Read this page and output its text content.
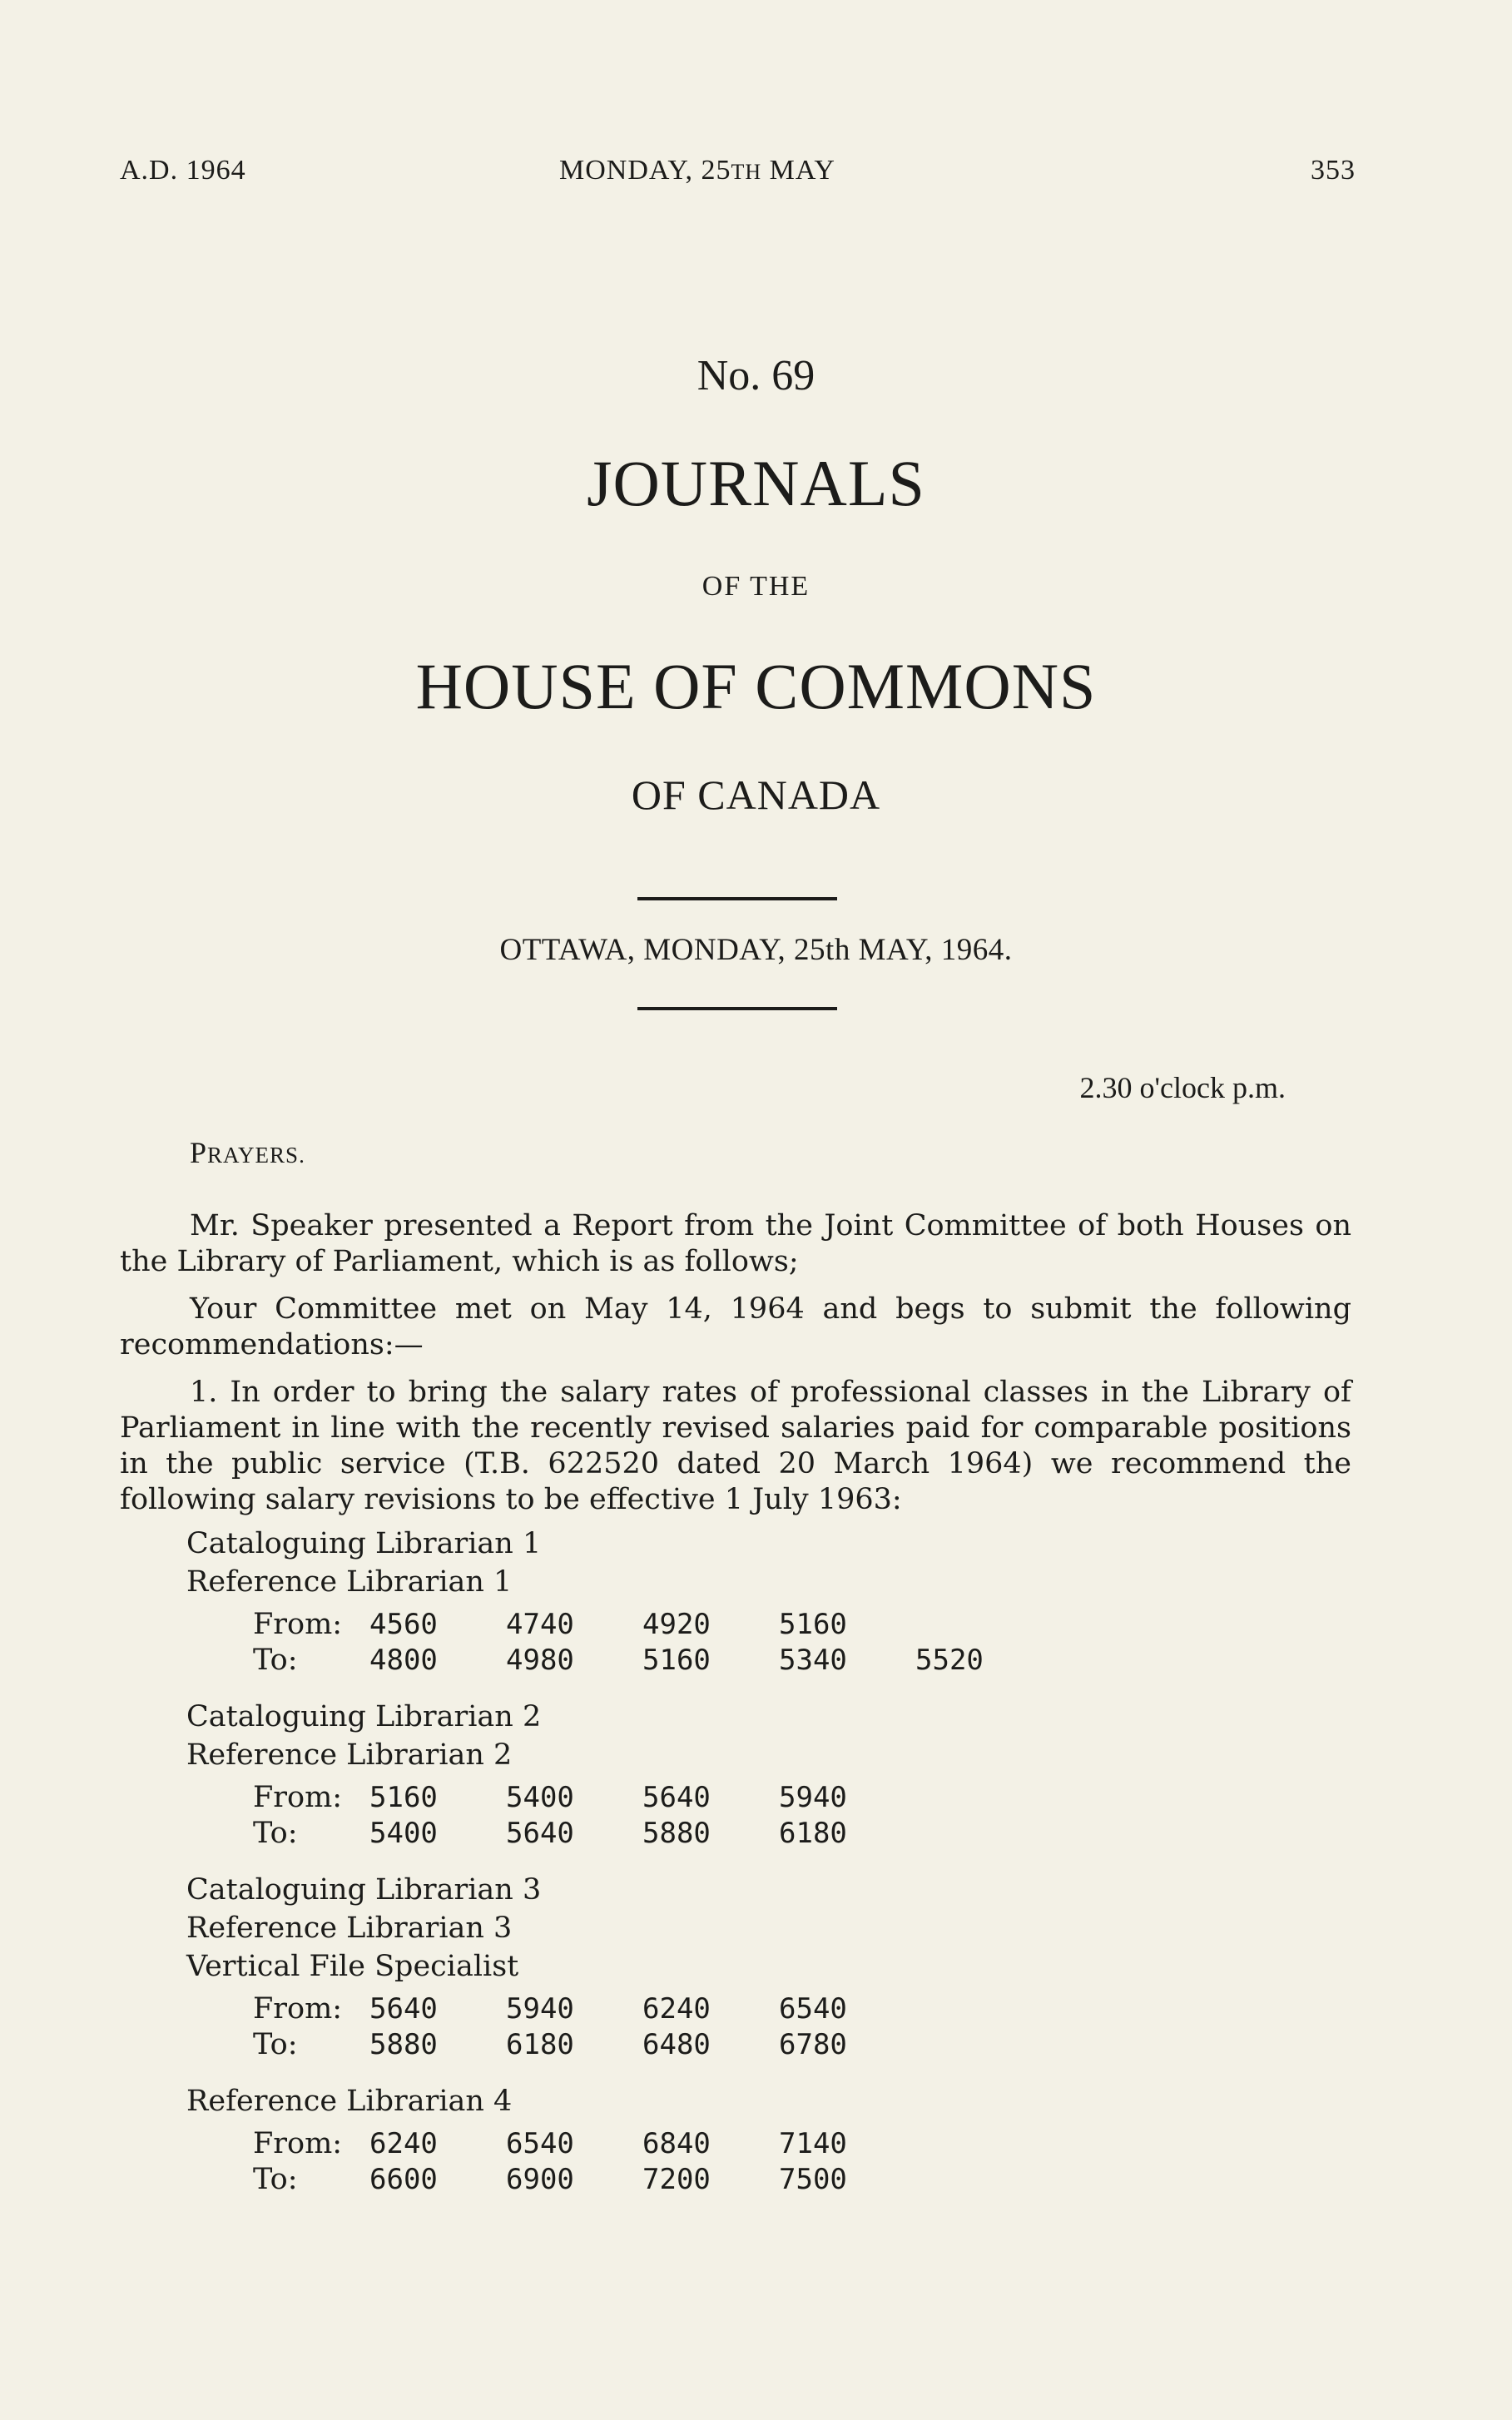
A.D. 1964	MONDAY, 25TH MAY	353
No. 69
JOURNALS
OF THE
HOUSE OF COMMONS
OF CANADA
OTTAWA, MONDAY, 25th MAY, 1964.
2.30 o'clock p.m.
PRAYERS.
Mr. Speaker presented a Report from the Joint Committee of both Houses on the Library of Parliament, which is as follows;
Your Committee met on May 14, 1964 and begs to submit the following recommendations:—
1. In order to bring the salary rates of professional classes in the Library of Parliament in line with the recently revised salaries paid for comparable positions in the public service (T.B. 622520 dated 20 March 1964) we recommend the following salary revisions to be effective 1 July 1963:
Cataloguing Librarian 1
Reference Librarian 1
From:	4560	4740	4920	5160	
To:	4800	4980	5160	5340	5520
Cataloguing Librarian 2
Reference Librarian 2
From:	5160	5400	5640	5940	
To:	5400	5640	5880	6180	
Cataloguing Librarian 3
Reference Librarian 3
Vertical File Specialist
From:	5640	5940	6240	6540	
To:	5880	6180	6480	6780	
Reference Librarian 4
From:	6240	6540	6840	7140	
To:	6600	6900	7200	7500	
